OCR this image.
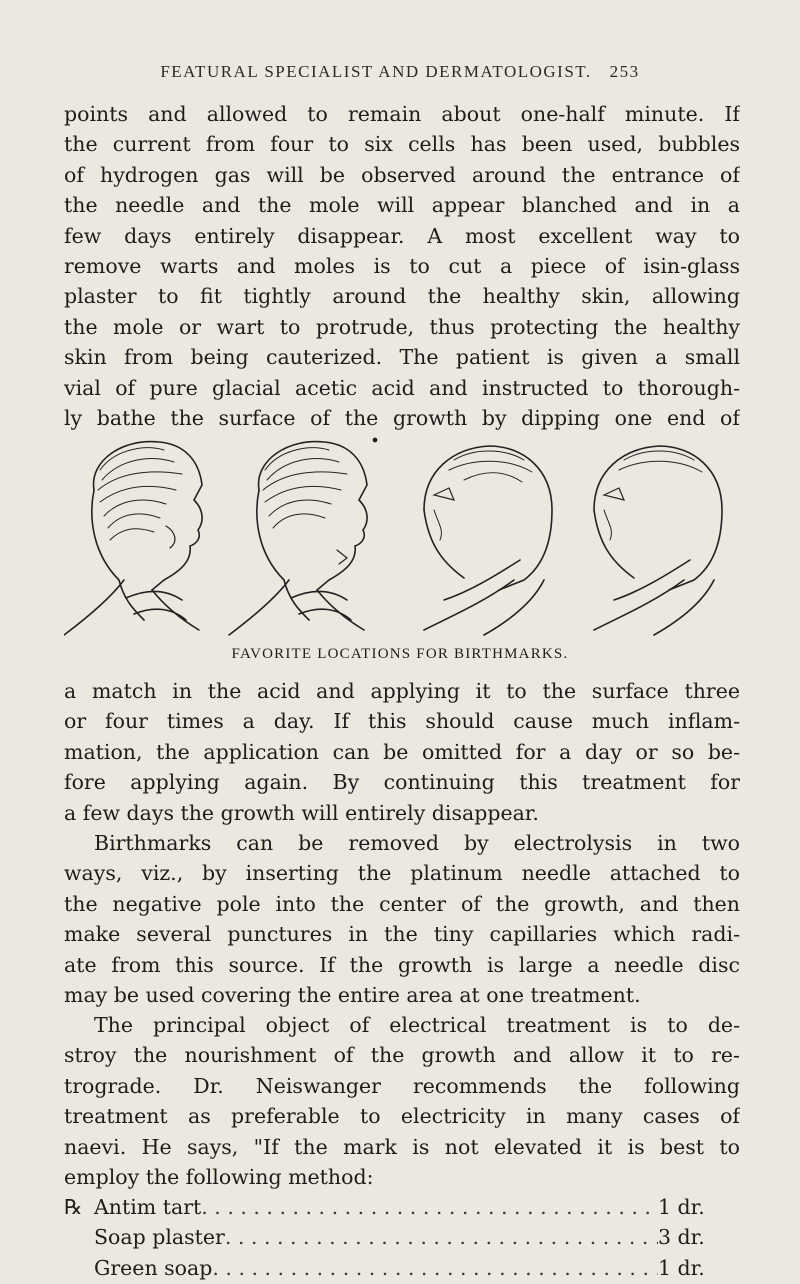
FEATURAL SPECIALIST AND DERMATOLOGIST. 253
points and allowed to remain about one-half minute. If
the current from four to six cells has been used, bubbles
of hydrogen gas will be observed around the entrance of
the needle and the mole will appear blanched and in a
few days entirely disappear. A most excellent way to
remove warts and moles is to cut a piece of isin-glass
plaster to fit tightly around the healthy skin, allowing
the mole or wart to protrude, thus protecting the healthy
skin from being cauterized. The patient is given a small
vial of pure glacial acetic acid and instructed to thorough-
ly bathe the surface of the growth by dipping one end of
FAVORITE LOCATIONS FOR BIRTHMARKS.
a match in the acid and applying it to the surface three
or four times a day. If this should cause much inflam-
mation, the application can be omitted for a day or so be-
fore applying again. By continuing this treatment for
a few days the growth will entirely disappear.
Birthmarks can be removed by electrolysis in two
ways, viz., by inserting the platinum needle attached to
the negative pole into the center of the growth, and then
make several punctures in the tiny capillaries which radi-
ate from this source. If the growth is large a needle disc
may be used covering the entire area at one treatment.
The principal object of electrical treatment is to de-
stroy the nourishment of the growth and allow it to re-
trograde. Dr. Neiswanger recommends the following
treatment as preferable to electricity in many cases of
naevi. He says, "If the mark is not elevated it is best to
employ the following method:
℞ Antim tart . . .	1 dr.
Soap plaster . . .	3 dr.
Green soap . . .	1 dr.
